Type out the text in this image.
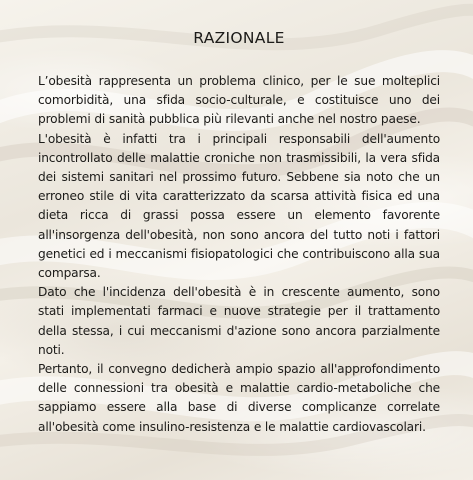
RAZIONALE

L’obesità rappresenta un problema clinico, per le sue molteplici comorbidità, una sfida socio-culturale, e costituisce uno dei problemi di sanità pubblica più rilevanti anche nel nostro paese.

L'obesità è infatti tra i principali responsabili dell'aumento incontrollato delle malattie croniche non trasmissibili, la vera sfida dei sistemi sanitari nel prossimo futuro. Sebbene sia noto che un erroneo stile di vita caratterizzato da scarsa attività fisica ed una dieta ricca di grassi possa essere un elemento favorente all'insorgenza dell'obesità, non sono ancora del tutto noti i fattori genetici ed i meccanismi fisiopatologici che contribuiscono alla sua comparsa.

Dato che l'incidenza dell'obesità è in crescente aumento, sono stati implementati farmaci e nuove strategie per il trattamento della stessa, i cui meccanismi d'azione sono ancora parzialmente noti.

Pertanto, il convegno dedicherà ampio spazio all'approfondimento delle connessioni tra obesità e malattie cardio-metaboliche che sappiamo essere alla base di diverse complicanze correlate all'obesità come insulino-resistenza e le malattie cardiovascolari.
